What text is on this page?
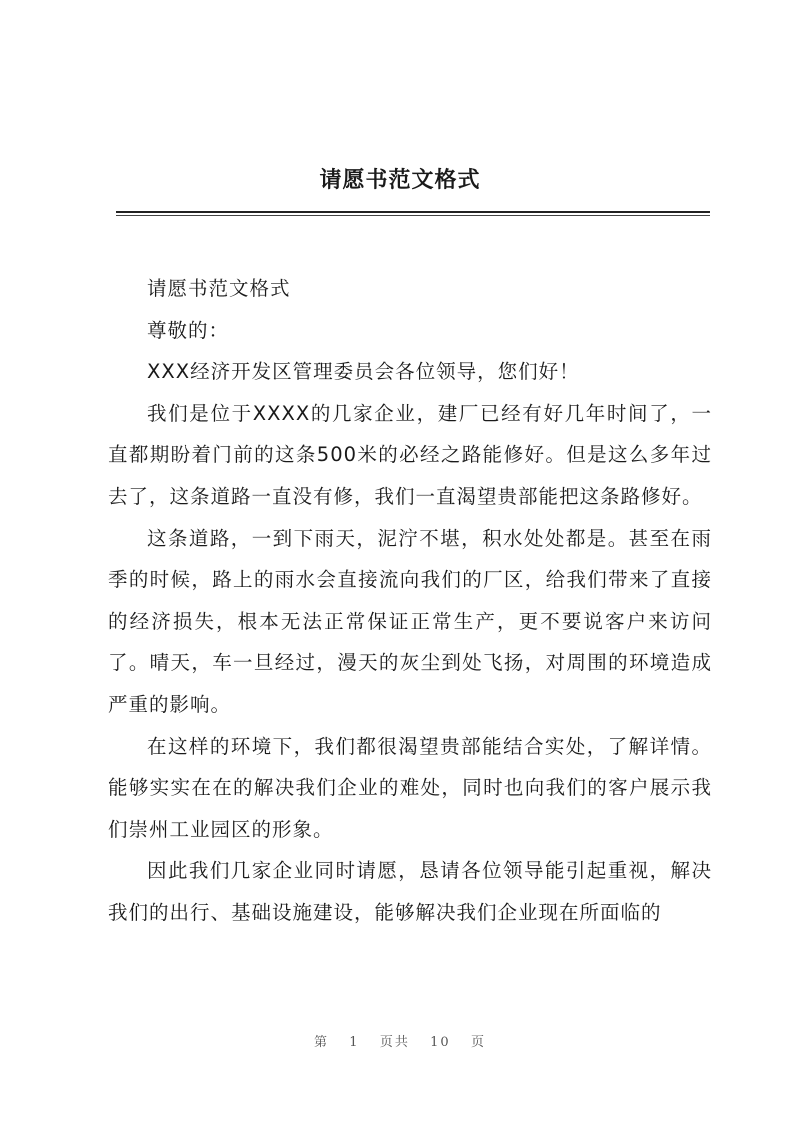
请愿书范文格式

请愿书范文格式

尊敬的：

XXX经济开发区管理委员会各位领导，您们好！

我们是位于XXXX的几家企业，建厂已经有好几年时间了，一直都期盼着门前的这条500米的必经之路能修好。但是这么多年过去了，这条道路一直没有修，我们一直渴望贵部能把这条路修好。

这条道路，一到下雨天，泥泞不堪，积水处处都是。甚至在雨季的时候，路上的雨水会直接流向我们的厂区，给我们带来了直接的经济损失，根本无法正常保证正常生产，更不要说客户来访问了。晴天，车一旦经过，漫天的灰尘到处飞扬，对周围的环境造成严重的影响。

在这样的环境下，我们都很渴望贵部能结合实处，了解详情。能够实实在在的解决我们企业的难处，同时也向我们的客户展示我们崇州工业园区的形象。

因此我们几家企业同时请愿，恳请各位领导能引起重视，解决我们的出行、基础设施建设，能够解决我们企业现在所面临的

第 1 页共 10 页
